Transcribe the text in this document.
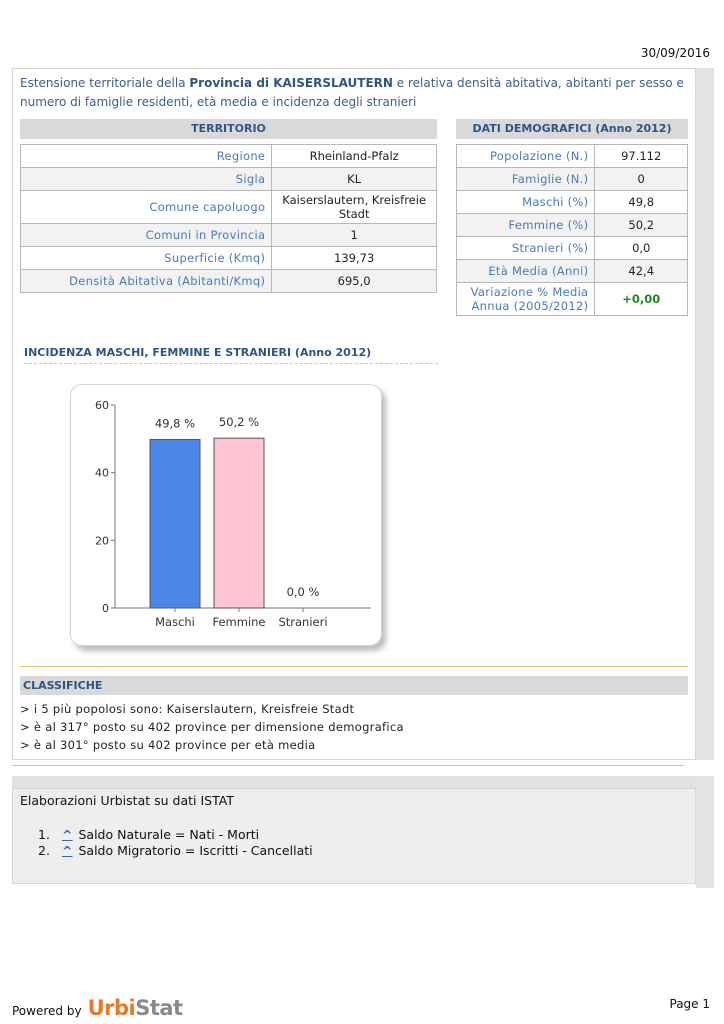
30/09/2016
Estensione territoriale della Provincia di KAISERSLAUTERN e relativa densità abitativa, abitanti per sesso e numero di famiglie residenti, età media e incidenza degli stranieri
TERRITORIO
Regione	Rheinland-Pfalz
Sigla	KL
Comune capoluogo	Kaiserslautern, Kreisfreie Stadt
Comuni in Provincia	1
Superficie (Kmq)	139,73
Densità Abitativa (Abitanti/Kmq)	695,0
DATI DEMOGRAFICI (Anno 2012)
Popolazione (N.)	97.112
Famiglie (N.)	0
Maschi (%)	49,8
Femmine (%)	50,2
Stranieri (%)	0,0
Età Media (Anni)	42,4
Variazione % Media Annua (2005/2012)	+0,00
INCIDENZA MASCHI, FEMMINE E STRANIERI (Anno 2012)
0
20
40
60
49,8 %
Maschi
50,2 %
Femmine
0,0 %
Stranieri
CLASSIFICHE
> i 5 più popolosi sono: Kaiserslautern, Kreisfreie Stadt
> è al 317° posto su 402 province per dimensione demografica
> è al 301° posto su 402 province per età media
Elaborazioni Urbistat su dati ISTAT
1. ^ Saldo Naturale = Nati - Morti
2. ^ Saldo Migratorio = Iscritti - Cancellati
Powered by UrbiStat	Page 1
